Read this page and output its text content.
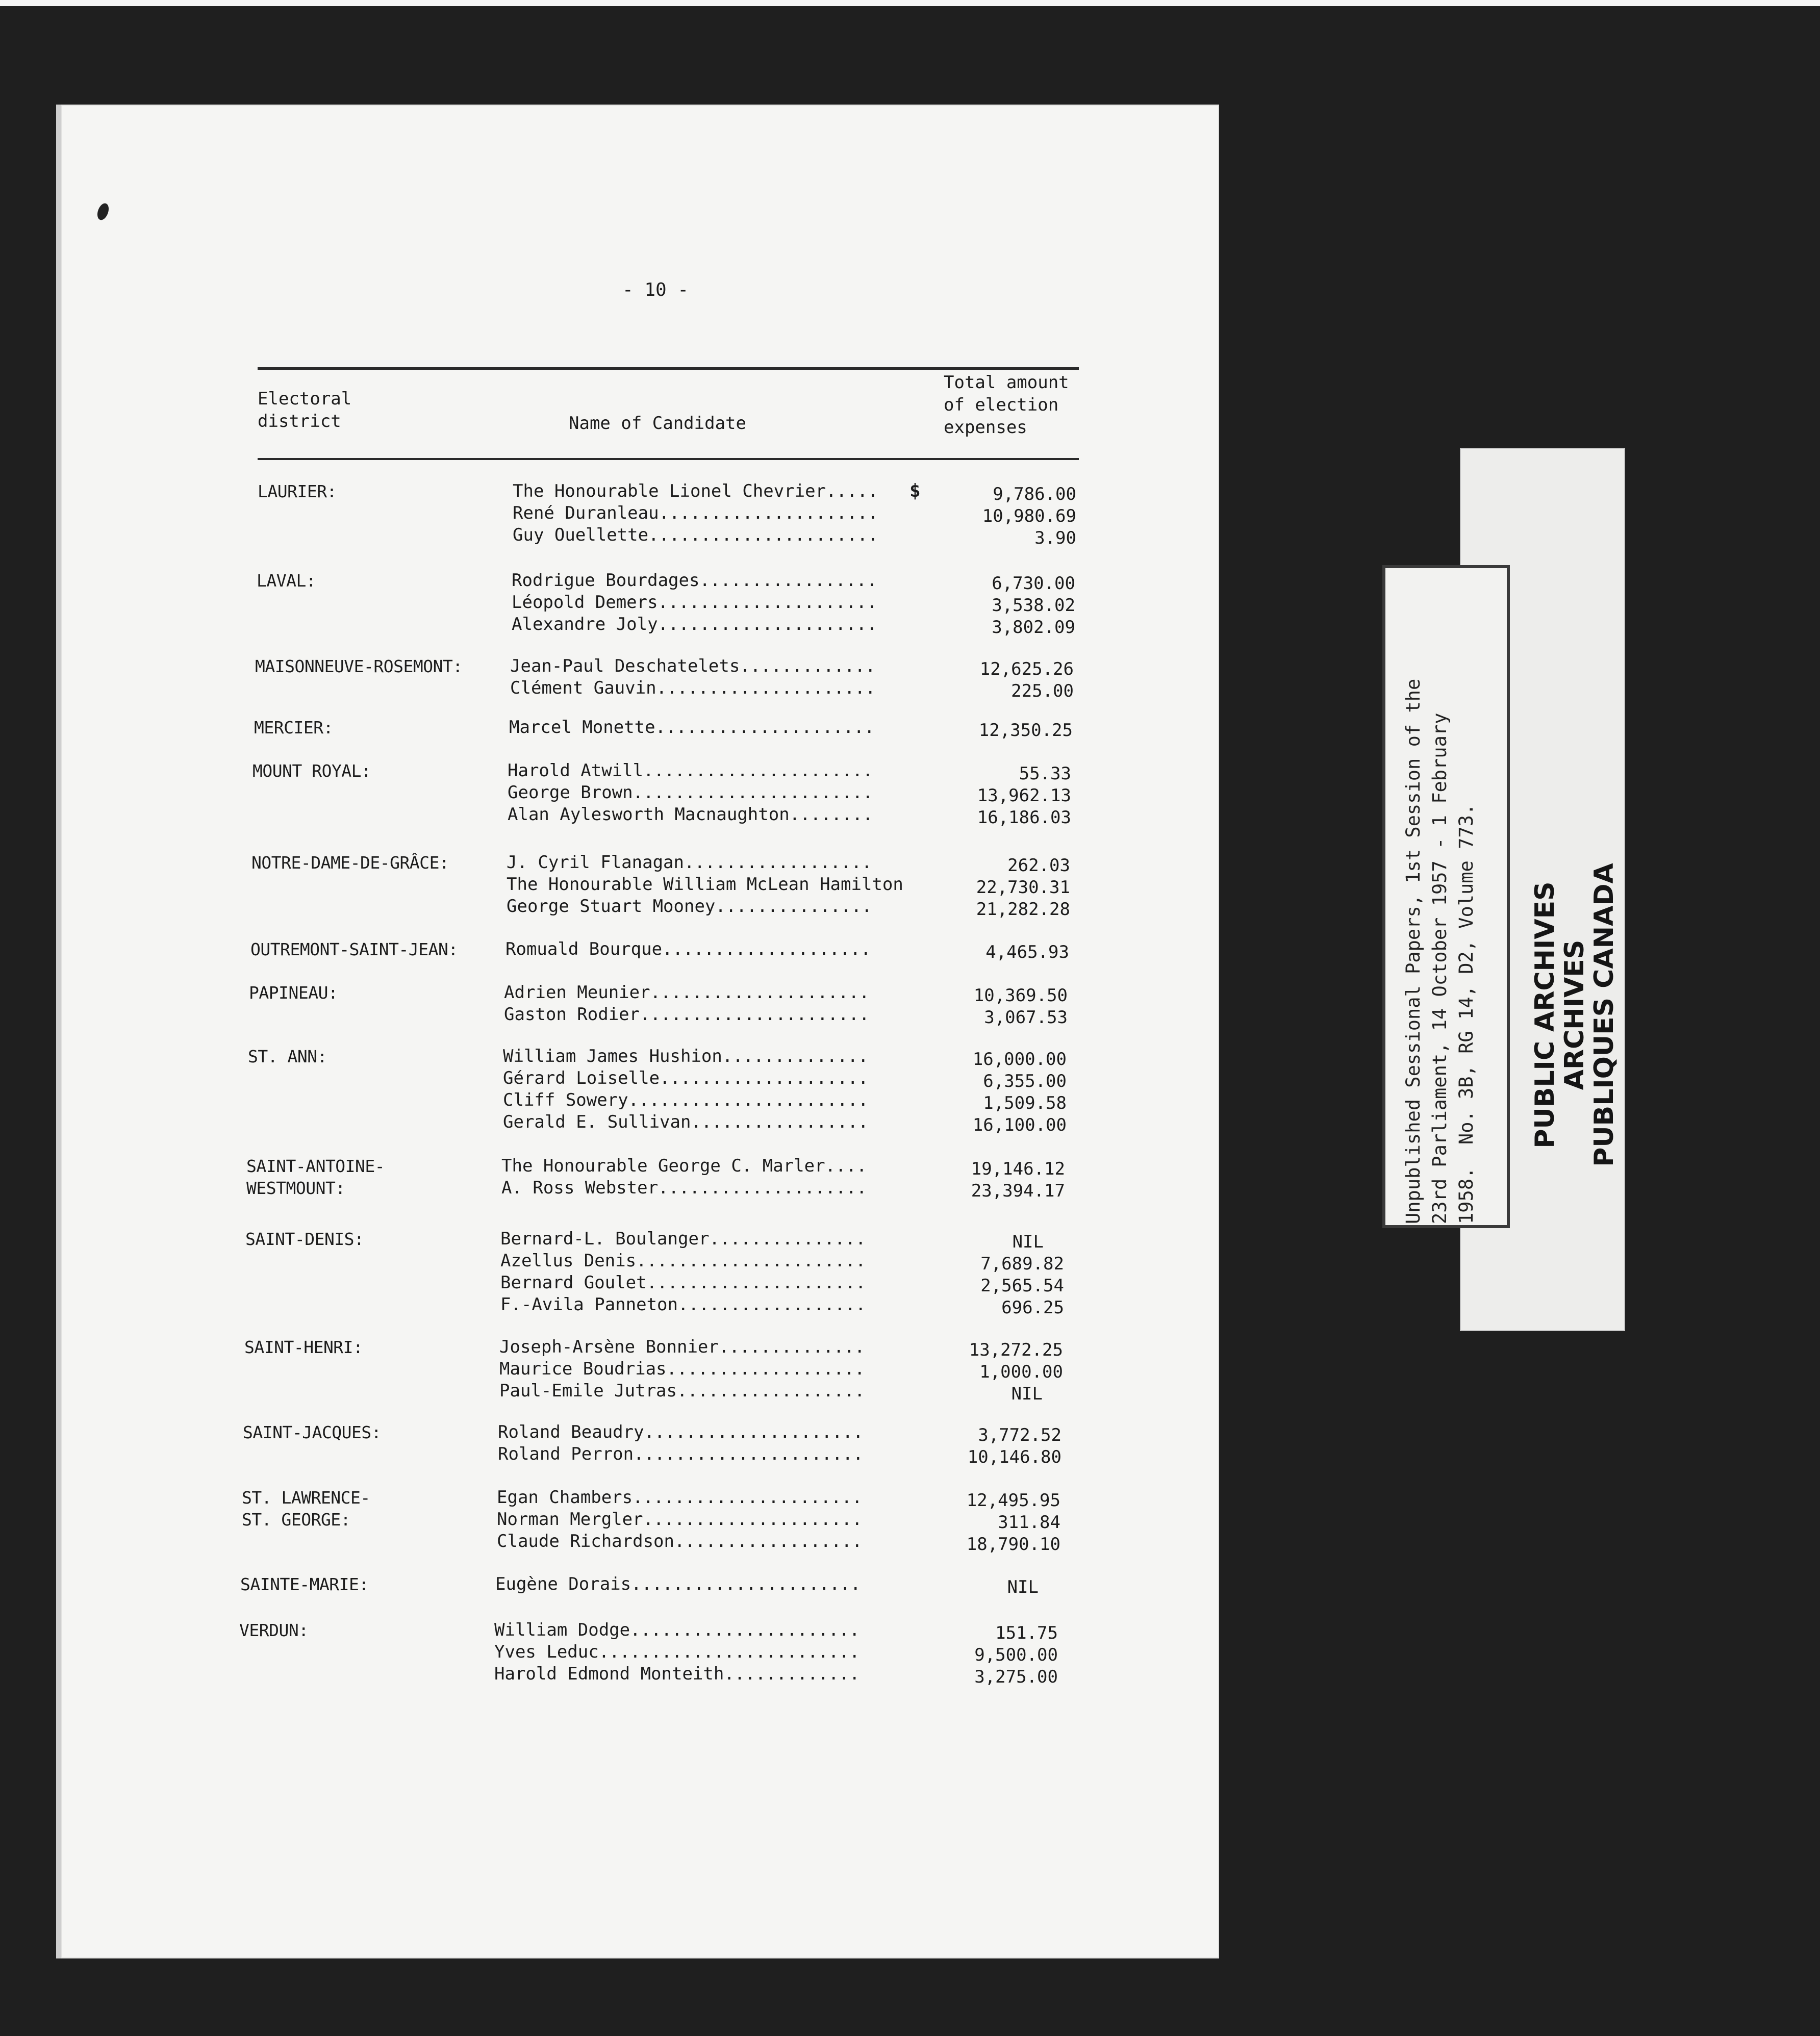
- 10 -
Electoral
district	Name of Candidate
Total amount
of election
expenses
$
LAURIER:	The Honourable Lionel Chevrier.....	9,786.00
René Duranleau.....................	10,980.69
Guy Ouellette......................	3.90
LAVAL:	Rodrigue Bourdages.................	6,730.00
Léopold Demers.....................	3,538.02
Alexandre Joly.....................	3,802.09
MAISONNEUVE-ROSEMONT:	Jean-Paul Deschatelets.............	12,625.26
Clément Gauvin.....................	225.00
MERCIER:	Marcel Monette.....................	12,350.25
MOUNT ROYAL:	Harold Atwill......................	55.33
George Brown.......................	13,962.13
Alan Aylesworth Macnaughton........	16,186.03
NOTRE-DAME-DE-GRÂCE:	J. Cyril Flanagan..................	262.03
The Honourable William McLean Hamilton	22,730.31
George Stuart Mooney...............	21,282.28
OUTREMONT-SAINT-JEAN:	Romuald Bourque....................	4,465.93
PAPINEAU:	Adrien Meunier.....................	10,369.50
Gaston Rodier......................	3,067.53
ST. ANN:	William James Hushion..............	16,000.00
Gérard Loiselle....................	6,355.00
Cliff Sowery.......................	1,509.58
Gerald E. Sullivan.................	16,100.00
SAINT-ANTOINE-
WESTMOUNT:
The Honourable George C. Marler....	19,146.12
A. Ross Webster....................	23,394.17
SAINT-DENIS:	Bernard-L. Boulanger...............	NIL
Azellus Denis......................	7,689.82
Bernard Goulet.....................	2,565.54
F.-Avila Panneton..................	696.25
SAINT-HENRI:	Joseph-Arsène Bonnier..............	13,272.25
Maurice Boudrias...................	1,000.00
Paul-Emile Jutras..................	NIL
SAINT-JACQUES:	Roland Beaudry.....................	3,772.52
Roland Perron......................	10,146.80
ST. LAWRENCE-
ST. GEORGE:
Egan Chambers......................	12,495.95
Norman Mergler.....................	311.84
Claude Richardson..................	18,790.10
SAINTE-MARIE:	Eugène Dorais......................	NIL
VERDUN:	William Dodge......................	151.75
Yves Leduc.........................	9,500.00
Harold Edmond Monteith.............	3,275.00
Unpublished Sessional Papers, 1st Session of the
23rd Parliament, 14 October 1957 - 1 February
1958.  No. 3B, RG 14, D2, Volume 773.
PUBLIC ARCHIVES ARCHIVES PUBLIQUES CANADA
